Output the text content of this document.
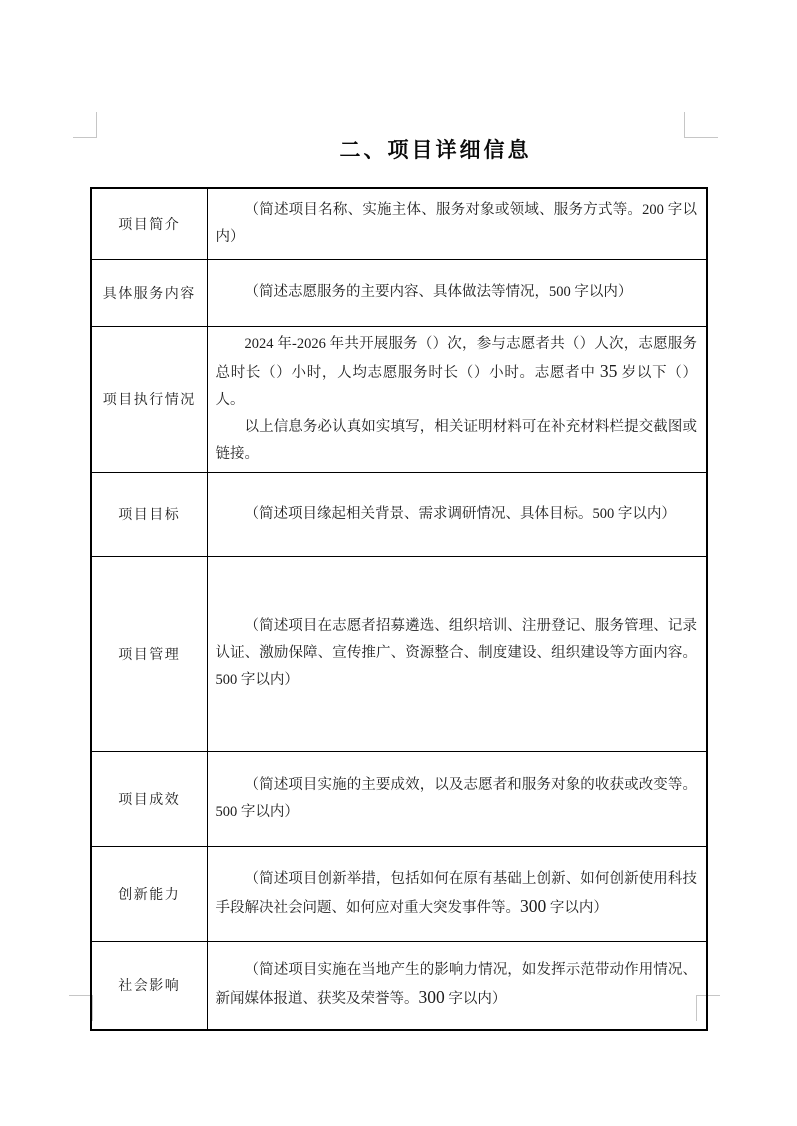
二、项目详细信息
项目简介	（简述项目名称、实施主体、服务对象或领域、服务方式等。200 字以内）

具体服务内容	（简述志愿服务的主要内容、具体做法等情况，500 字以内）

项目执行情况	2024 年-2026 年共开展服务（）次，参与志愿者共（）人次，志愿服务总时长（）小时，人均志愿服务时长（）小时。志愿者中 35 岁以下（）人。

以上信息务必认真如实填写，相关证明材料可在补充材料栏提交截图或链接。

项目目标	（简述项目缘起相关背景、需求调研情况、具体目标。500 字以内）

项目管理	（简述项目在志愿者招募遴选、组织培训、注册登记、服务管理、记录认证、激励保障、宣传推广、资源整合、制度建设、组织建设等方面内容。500 字以内）

项目成效	（简述项目实施的主要成效，以及志愿者和服务对象的收获或改变等。500 字以内）

创新能力	（简述项目创新举措，包括如何在原有基础上创新、如何创新使用科技手段解决社会问题、如何应对重大突发事件等。300 字以内）

社会影响	（简述项目实施在当地产生的影响力情况，如发挥示范带动作用情况、新闻媒体报道、获奖及荣誉等。300 字以内）
